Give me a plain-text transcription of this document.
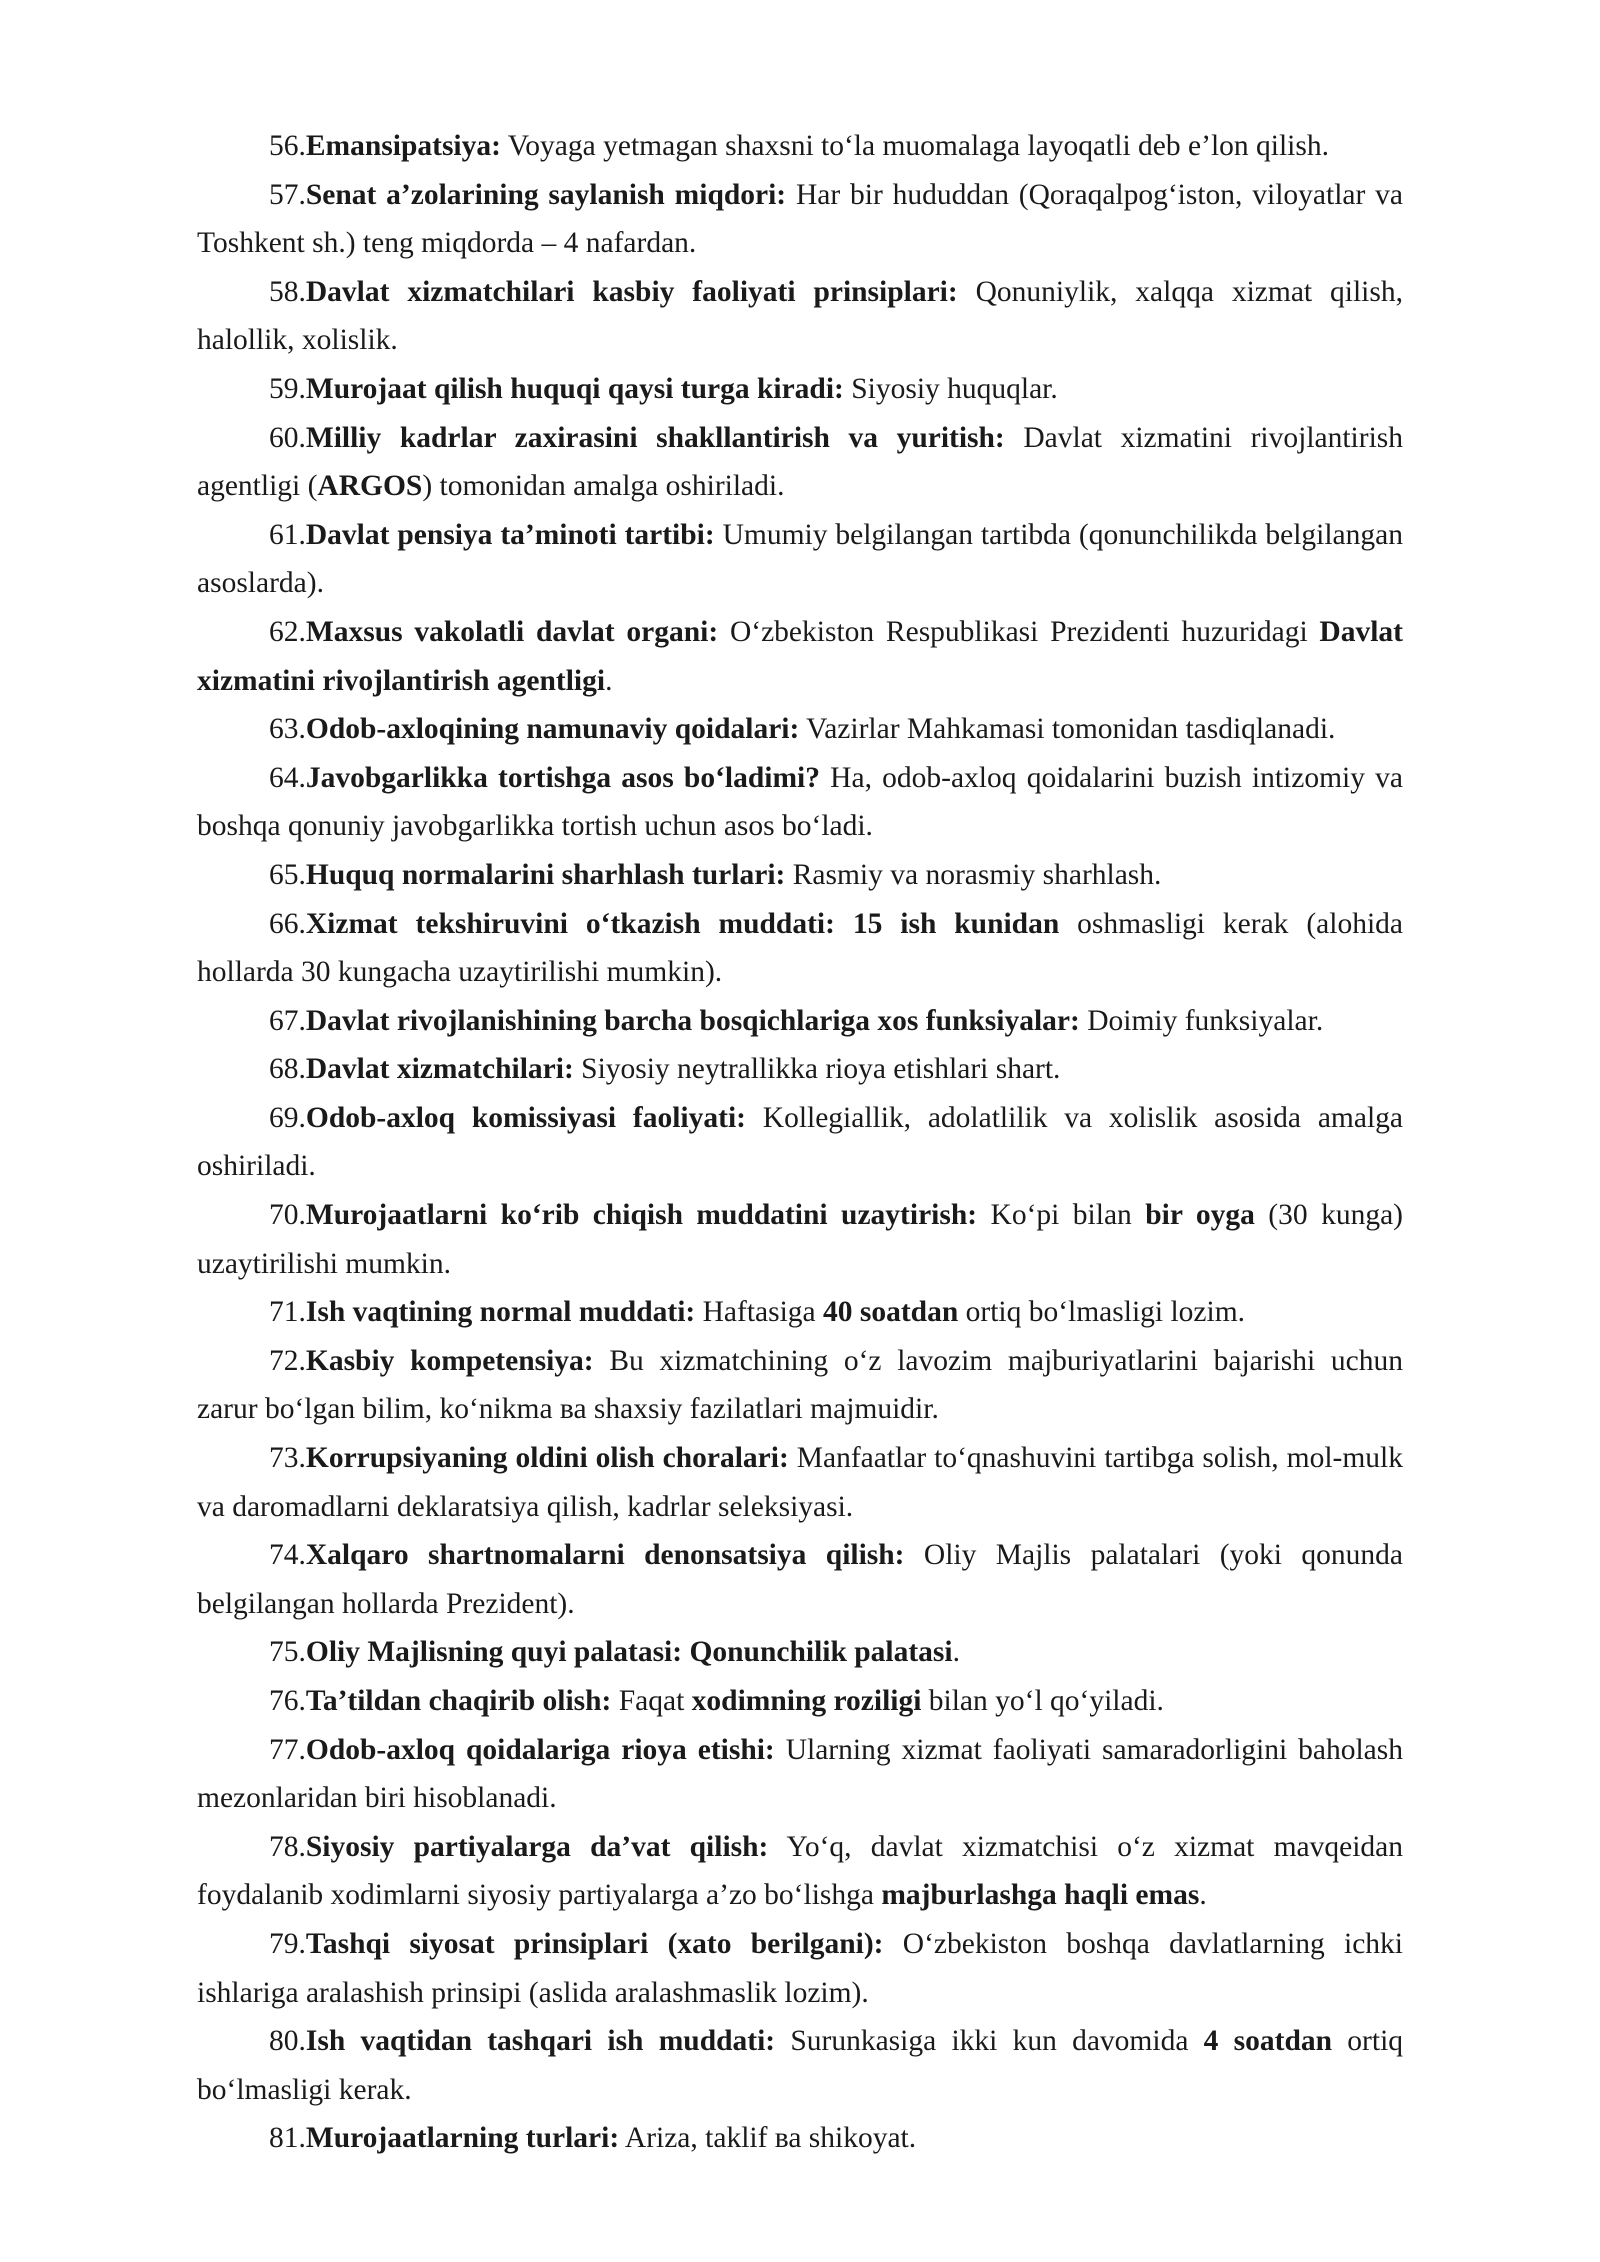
56.Emansipatsiya: Voyaga yetmagan shaxsni to‘la muomalaga layoqatli deb e’lon qilish.

57.Senat a’zolarining saylanish miqdori: Har bir hududdan (Qoraqalpog‘iston, viloyatlar va Toshkent sh.) teng miqdorda – 4 nafardan.

58.Davlat xizmatchilari kasbiy faoliyati prinsiplari: Qonuniylik, xalqqa xizmat qilish, halollik, xolislik.

59.Murojaat qilish huquqi qaysi turga kiradi: Siyosiy huquqlar.

60.Milliy kadrlar zaxirasini shakllantirish va yuritish: Davlat xizmatini rivojlantirish agentligi (ARGOS) tomonidan amalga oshiriladi.

61.Davlat pensiya ta’minoti tartibi: Umumiy belgilangan tartibda (qonunchilikda belgilangan asoslarda).

62.Maxsus vakolatli davlat organi: O‘zbekiston Respublikasi Prezidenti huzuridagi Davlat xizmatini rivojlantirish agentligi.

63.Odob-axloqining namunaviy qoidalari: Vazirlar Mahkamasi tomonidan tasdiqlanadi.

64.Javobgarlikka tortishga asos bo‘ladimi? Ha, odob-axloq qoidalarini buzish intizomiy va boshqa qonuniy javobgarlikka tortish uchun asos bo‘ladi.

65.Huquq normalarini sharhlash turlari: Rasmiy va norasmiy sharhlash.

66.Xizmat tekshiruvini o‘tkazish muddati: 15 ish kunidan oshmasligi kerak (alohida hollarda 30 kungacha uzaytirilishi mumkin).

67.Davlat rivojlanishining barcha bosqichlariga xos funksiyalar: Doimiy funksiyalar.

68.Davlat xizmatchilari: Siyosiy neytrallikka rioya etishlari shart.

69.Odob-axloq komissiyasi faoliyati: Kollegiallik, adolatlilik va xolislik asosida amalga oshiriladi.

70.Murojaatlarni ko‘rib chiqish muddatini uzaytirish: Ko‘pi bilan bir oyga (30 kunga) uzaytirilishi mumkin.

71.Ish vaqtining normal muddati: Haftasiga 40 soatdan ortiq bo‘lmasligi lozim.

72.Kasbiy kompetensiya: Bu xizmatchining o‘z lavozim majburiyatlarini bajarishi uchun zarur bo‘lgan bilim, ko‘nikma ва shaxsiy fazilatlari majmuidir.

73.Korrupsiyaning oldini olish choralari: Manfaatlar to‘qnashuvini tartibga solish, mol-mulk va daromadlarni deklaratsiya qilish, kadrlar seleksiyasi.

74.Xalqaro shartnomalarni denonsatsiya qilish: Oliy Majlis palatalari (yoki qonunda belgilangan hollarda Prezident).

75.Oliy Majlisning quyi palatasi: Qonunchilik palatasi.

76.Ta’tildan chaqirib olish: Faqat xodimning roziligi bilan yo‘l qo‘yiladi.

77.Odob-axloq qoidalariga rioya etishi: Ularning xizmat faoliyati samaradorligini baholash mezonlaridan biri hisoblanadi.

78.Siyosiy partiyalarga da’vat qilish: Yo‘q, davlat xizmatchisi o‘z xizmat mavqeidan foydalanib xodimlarni siyosiy partiyalarga a’zo bo‘lishga majburlashga haqli emas.

79.Tashqi siyosat prinsiplari (xato berilgani): O‘zbekiston boshqa davlatlarning ichki ishlariga aralashish prinsipi (aslida aralashmaslik lozim).

80.Ish vaqtidan tashqari ish muddati: Surunkasiga ikki kun davomida 4 soatdan ortiq bo‘lmasligi kerak.

81.Murojaatlarning turlari: Ariza, taklif ва shikoyat.
